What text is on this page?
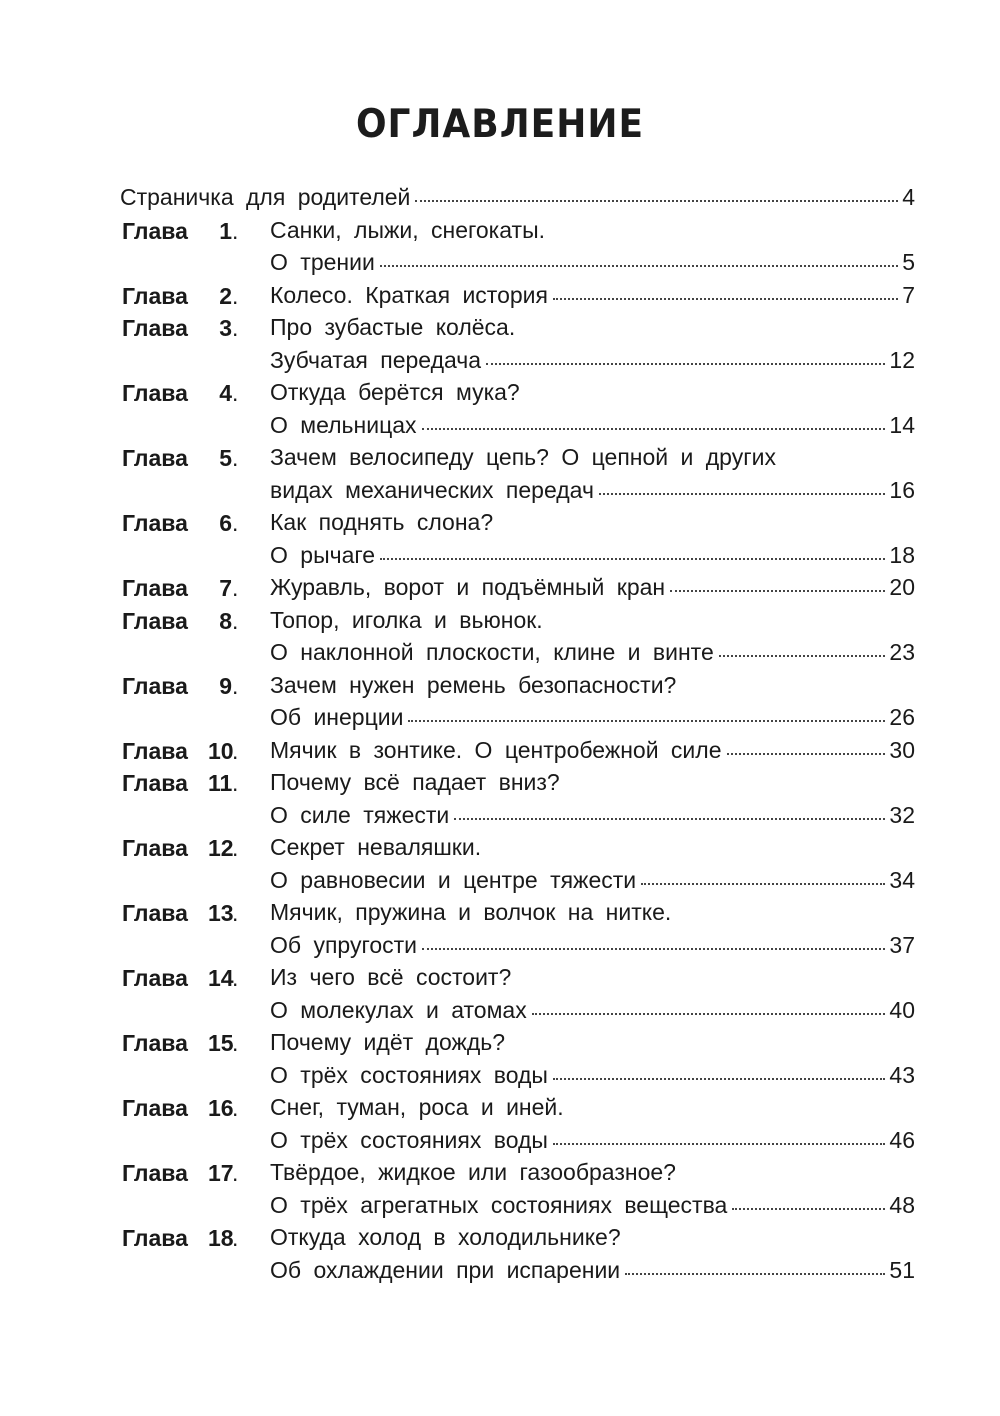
ОГЛАВЛЕНИЕ
Страничка для родителей	4
Глава 1. Санки, лыжи, снегокаты.
О трении	5
Глава 2. Колесо. Краткая история	7
Глава 3. Про зубастые колёса.
Зубчатая передача	12
Глава 4. Откуда берётся мука?
О мельницах	14
Глава 5. Зачем велосипеду цепь? О цепной и других
видах механических передач	16
Глава 6. Как поднять слона?
О рычаге	18
Глава 7. Журавль, ворот и подъёмный кран	20
Глава 8. Топор, иголка и вьюнок.
О наклонной плоскости, клине и винте	23
Глава 9. Зачем нужен ремень безопасности?
Об инерции	26
Глава 10. Мячик в зонтике. О центробежной силе	30
Глава 11. Почему всё падает вниз?
О силе тяжести	32
Глава 12. Секрет неваляшки.
О равновесии и центре тяжести	34
Глава 13. Мячик, пружина и волчок на нитке.
Об упругости	37
Глава 14. Из чего всё состоит?
О молекулах и атомах	40
Глава 15. Почему идёт дождь?
О трёх состояниях воды	43
Глава 16. Снег, туман, роса и иней.
О трёх состояниях воды	46
Глава 17. Твёрдое, жидкое или газообразное?
О трёх агрегатных состояниях вещества	48
Глава 18. Откуда холод в холодильнике?
Об охлаждении при испарении	51
